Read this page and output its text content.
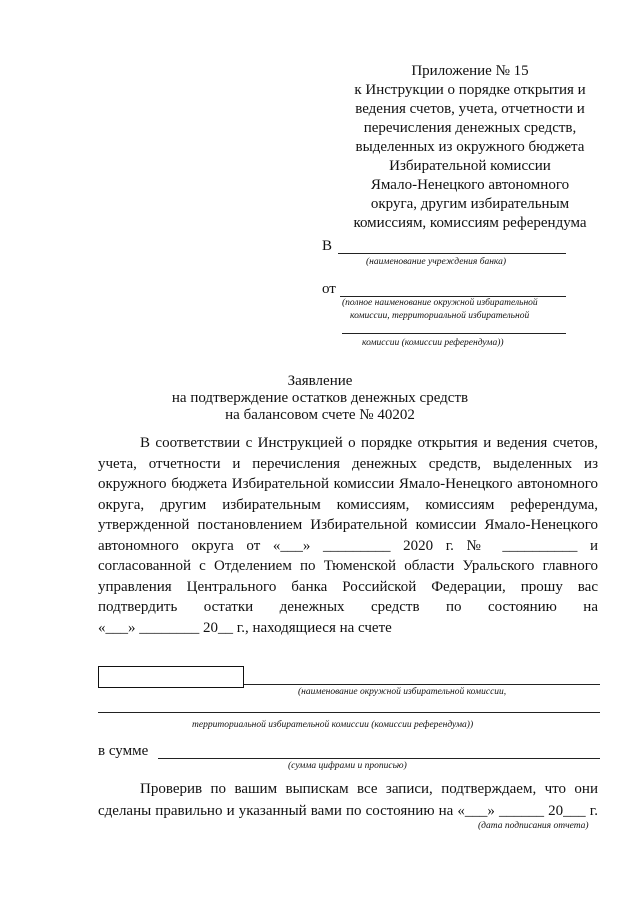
Приложение № 15
к Инструкции о порядке открытия и
ведения счетов, учета, отчетности и
перечисления денежных средств,
выделенных из окружного бюджета
Избирательной комиссии
Ямало-Ненецкого автономного
округа, другим избирательным
комиссиям, комиссиям референдума
В
(наименование учреждения банка)
от
(полное наименование окружной избирательной
комиссии, территориальной избирательной
комиссии (комиссии референдума))
Заявление
на подтверждение остатков денежных средств
на балансовом счете № 40202
В соответствии с Инструкцией о порядке открытия и ведения счетов,
учета, отчетности и перечисления денежных средств, выделенных из
окружного бюджета Избирательной комиссии Ямало-Ненецкого автономного
округа, другим избирательным комиссиям, комиссиям референдума,
утвержденной постановлением Избирательной комиссии Ямало-Ненецкого
автономного округа от «___» _________ 2020 г. № __________ и
согласованной с Отделением по Тюменской области Уральского главного
управления Центрального банка Российской Федерации, прошу вас
подтвердить остатки денежных средств по состоянию на
«___» ________ 20__ г., находящиеся на счете
(наименование окружной избирательной комиссии,
территориальной избирательной комиссии (комиссии референдума))
в сумме
(сумма цифрами и прописью)
Проверив по вашим выпискам все записи, подтверждаем, что они
сделаны правильно и указанный вами по состоянию на «___» ______ 20___ г.
(дата подписания отчета)
